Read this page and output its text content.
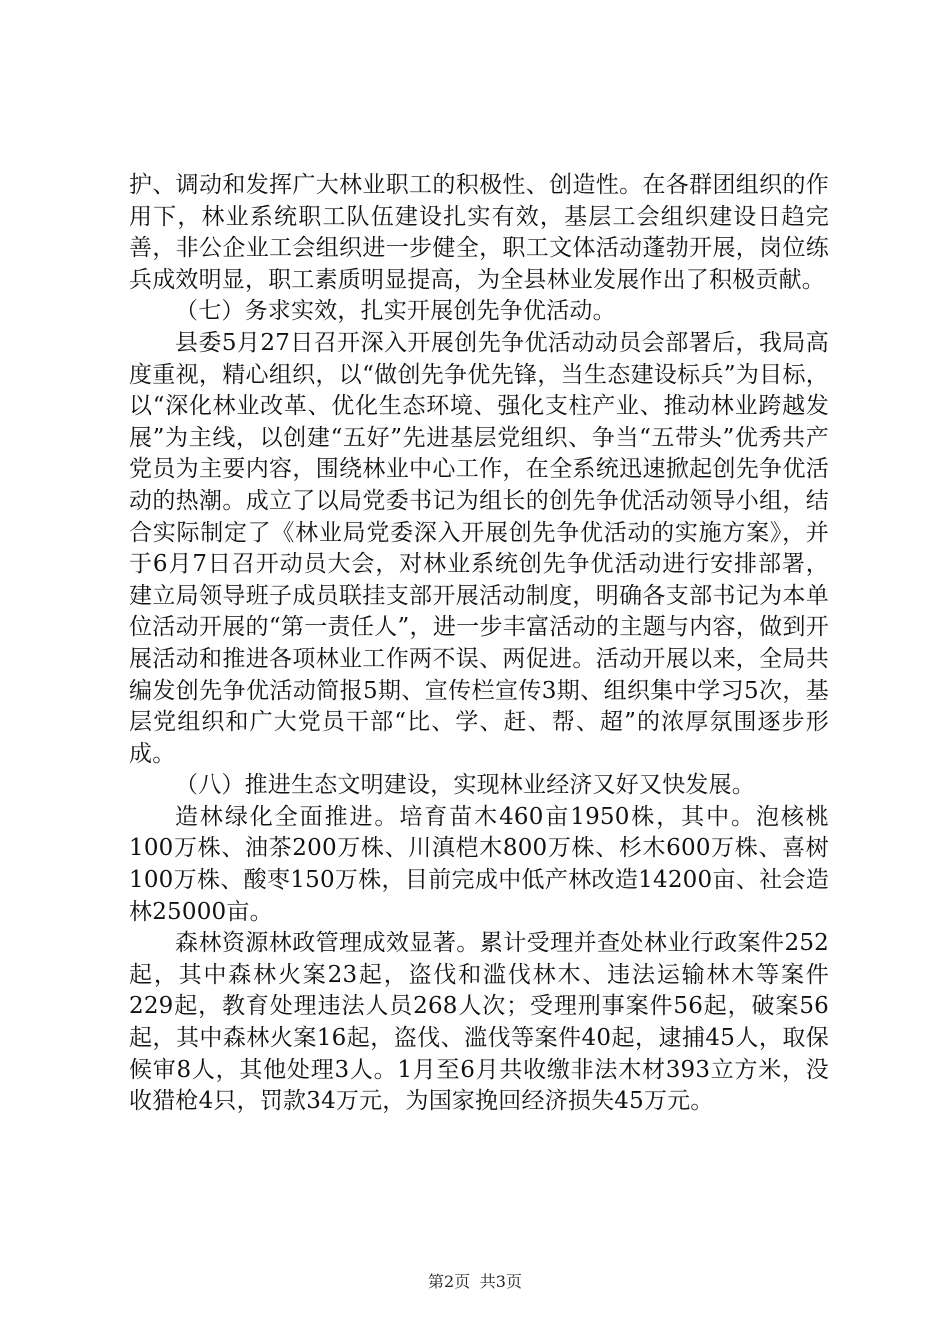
护、调动和发挥广大林业职工的积极性、创造性。在各群团组织的作用下，林业系统职工队伍建设扎实有效，基层工会组织建设日趋完善，非公企业工会组织进一步健全，职工文体活动蓬勃开展，岗位练兵成效明显，职工素质明显提高，为全县林业发展作出了积极贡献。

（七）务求实效，扎实开展创先争优活动。

县委5月27日召开深入开展创先争优活动动员会部署后，我局高度重视，精心组织，以“做创先争优先锋，当生态建设标兵”为目标，以“深化林业改革、优化生态环境、强化支柱产业、推动林业跨越发展”为主线，以创建“五好”先进基层党组织、争当“五带头”优秀共产党员为主要内容，围绕林业中心工作，在全系统迅速掀起创先争优活动的热潮。成立了以局党委书记为组长的创先争优活动领导小组，结合实际制定了《林业局党委深入开展创先争优活动的实施方案》，并于6月7日召开动员大会，对林业系统创先争优活动进行安排部署，建立局领导班子成员联挂支部开展活动制度，明确各支部书记为本单位活动开展的“第一责任人”，进一步丰富活动的主题与内容，做到开展活动和推进各项林业工作两不误、两促进。活动开展以来，全局共编发创先争优活动简报5期、宣传栏宣传3期、组织集中学习5次，基层党组织和广大党员干部“比、学、赶、帮、超”的浓厚氛围逐步形成。

（八）推进生态文明建设，实现林业经济又好又快发展。

造林绿化全面推进。培育苗木460亩1950株，其中。泡核桃100万株、油茶200万株、川滇桤木800万株、杉木600万株、喜树100万株、酸枣150万株，目前完成中低产林改造14200亩、社会造林25000亩。

森林资源林政管理成效显著。累计受理并查处林业行政案件252起，其中森林火案23起，盗伐和滥伐林木、违法运输林木等案件229起，教育处理违法人员268人次；受理刑事案件56起，破案56起，其中森林火案16起，盗伐、滥伐等案件40起，逮捕45人，取保候审8人，其他处理3人。1月至6月共收缴非法木材393立方米，没收猎枪4只，罚款34万元，为国家挽回经济损失45万元。

第2页 共3页
